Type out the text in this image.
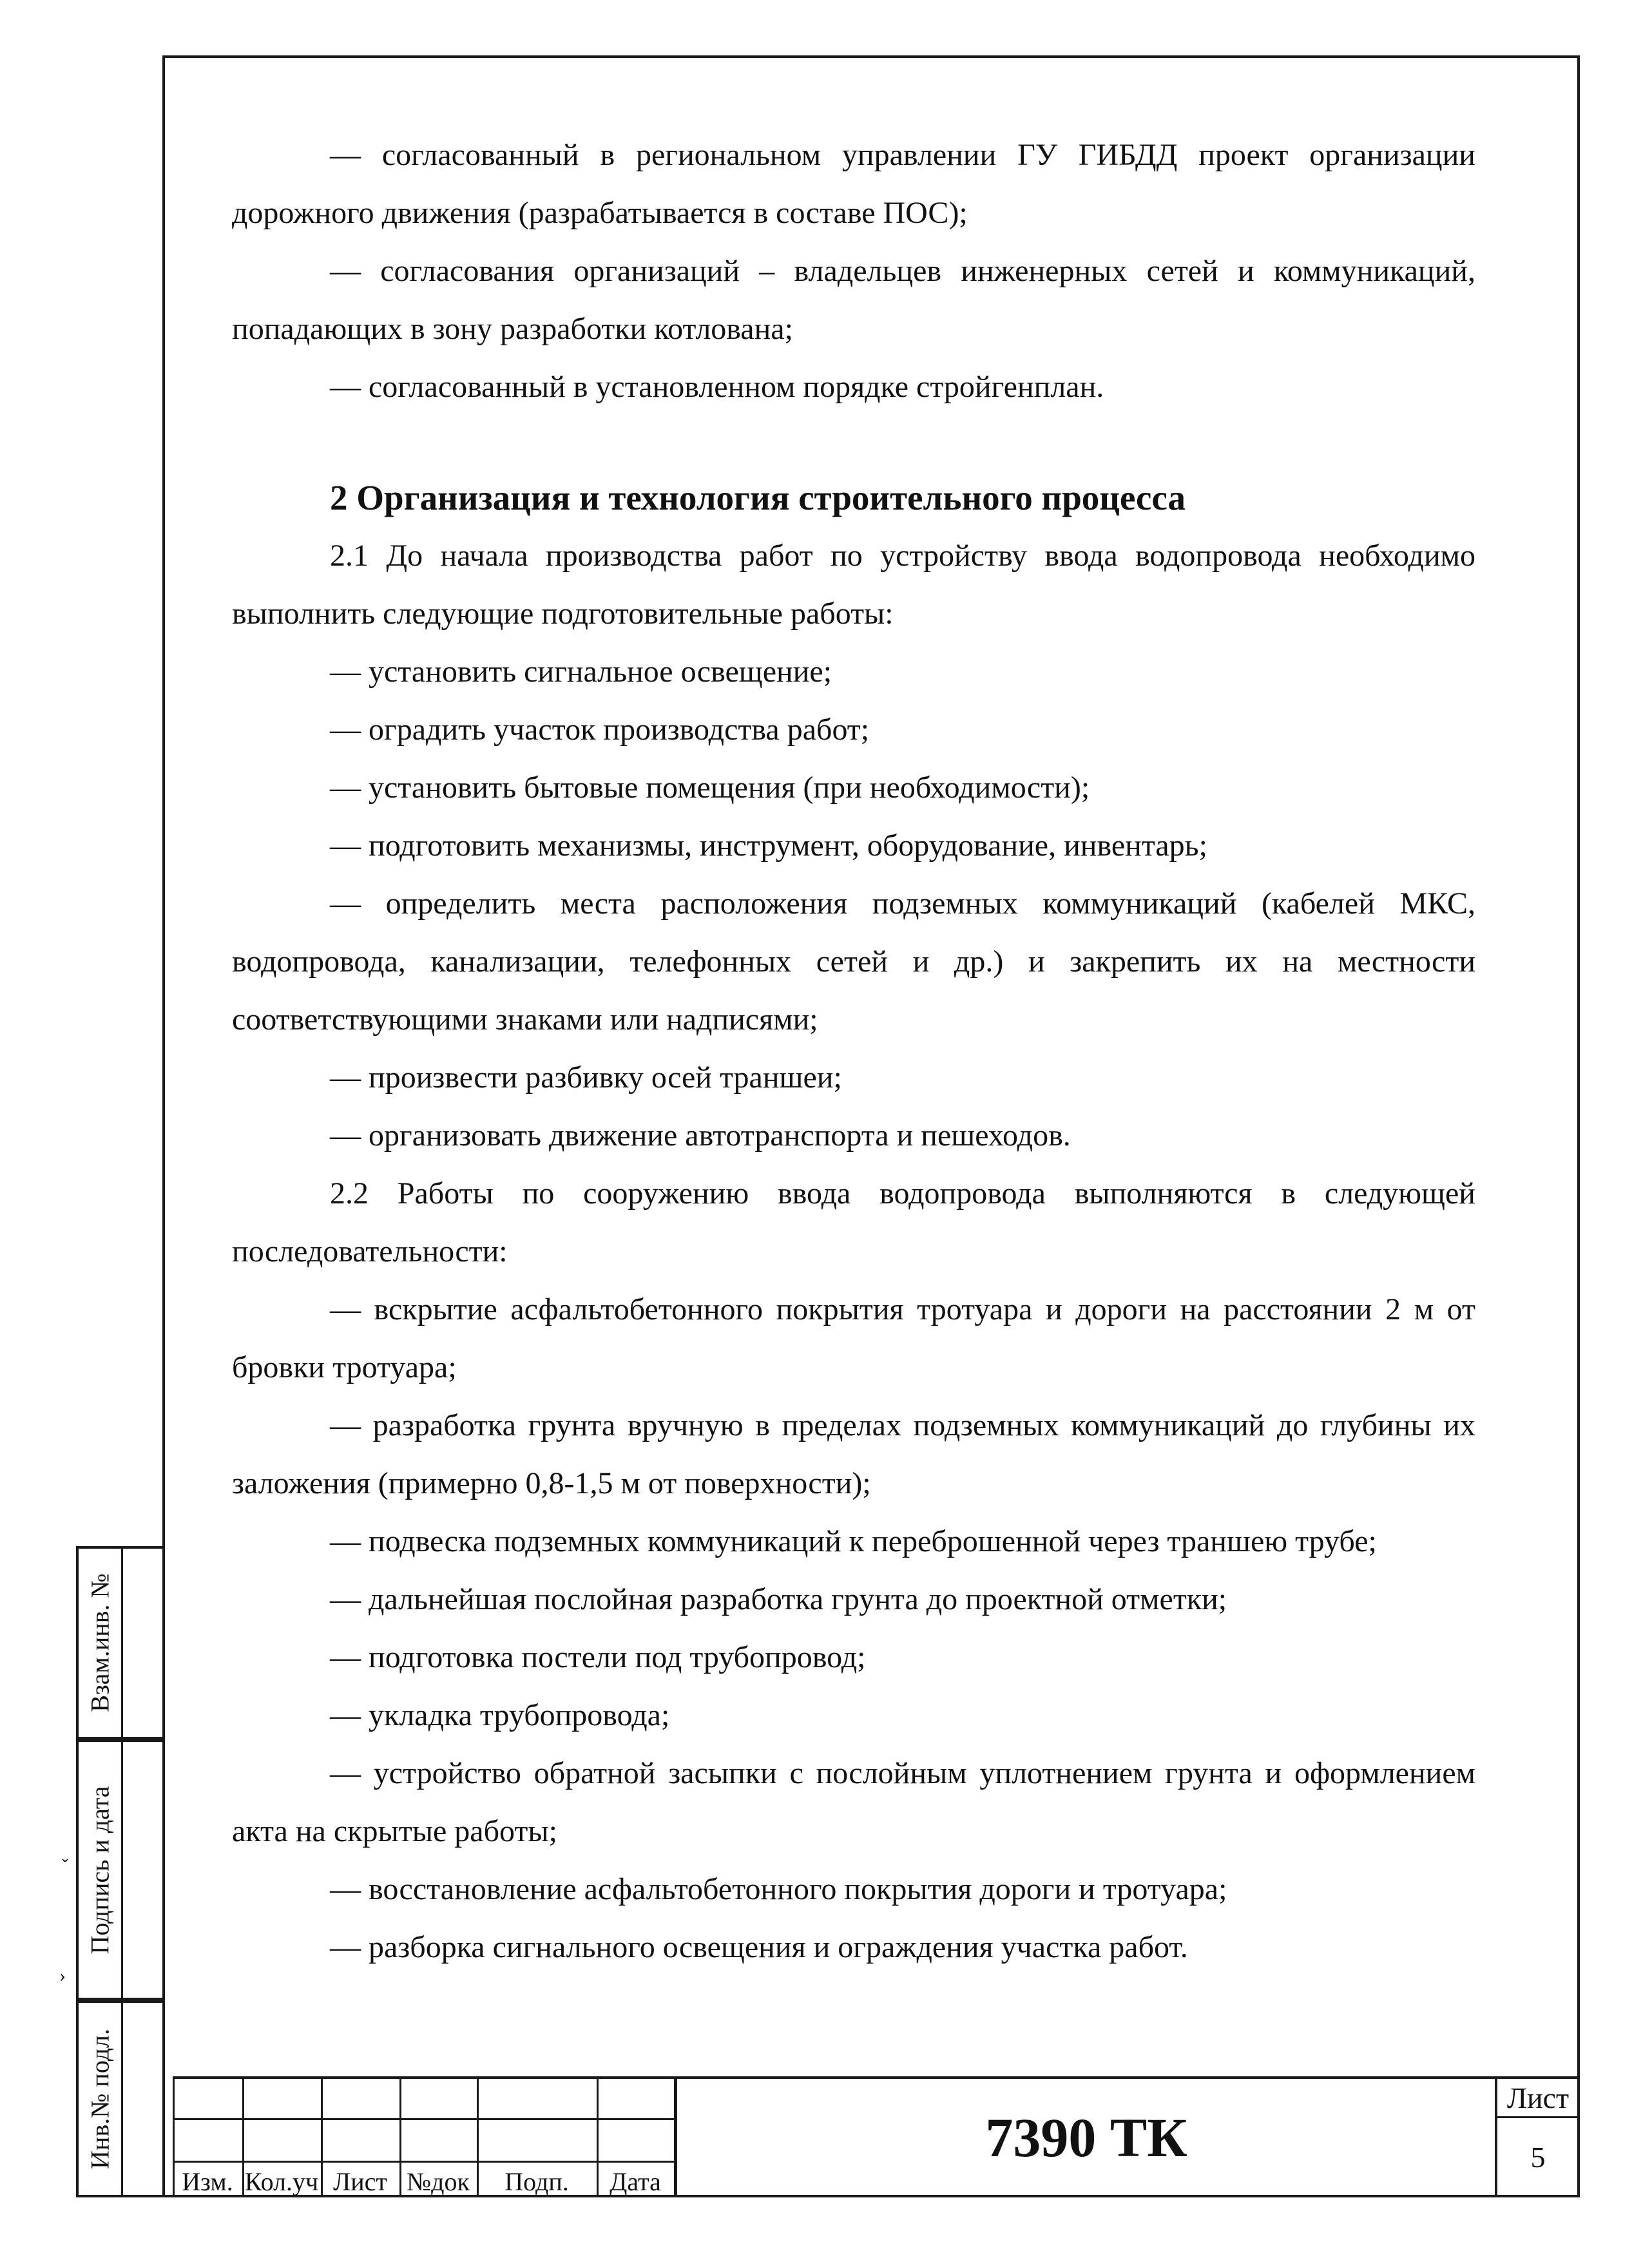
— согласованный в региональном управлении ГУ ГИБДД проект организации дорожного движения (разрабатывается в составе ПОС);

— согласования организаций – владельцев инженерных сетей и коммуникаций, попадающих в зону разработки котлована;

— согласованный в установленном порядке стройгенплан.

2 Организация и технология строительного процесса

2.1 До начала производства работ по устройству ввода водопровода необходимо выполнить следующие подготовительные работы:

— установить сигнальное освещение;

— оградить участок производства работ;

— установить бытовые помещения (при необходимости);

— подготовить механизмы, инструмент, оборудование, инвентарь;

— определить места расположения подземных коммуникаций (кабелей МКС, водопровода, канализации, телефонных сетей и др.) и закрепить их на местности соответствующими знаками или надписями;

— произвести разбивку осей траншеи;

— организовать движение автотранспорта и пешеходов.

2.2 Работы по сооружению ввода водопровода выполняются в следующей последовательности:

— вскрытие асфальтобетонного покрытия тротуара и дороги на расстоянии 2 м от бровки тротуара;

— разработка грунта вручную в пределах подземных коммуникаций до глубины их заложения (примерно 0,8-1,5 м от поверхности);

— подвеска подземных коммуникаций к переброшенной через траншею трубе;

— дальнейшая послойная разработка грунта до проектной отметки;

— подготовка постели под трубопровод;

— укладка трубопровода;

— устройство обратной засыпки с послойным уплотнением грунта и оформлением акта на скрытые работы;

— восстановление асфальтобетонного покрытия дороги и тротуара;

— разборка сигнального освещения и ограждения участка работ.

Взам.инв. №
Подпись и дата
Инв.№ подл.
ˇ
›
Изм. Кол.уч Лист №док	Подп.	Дата
7390 ТК
Лист
5
